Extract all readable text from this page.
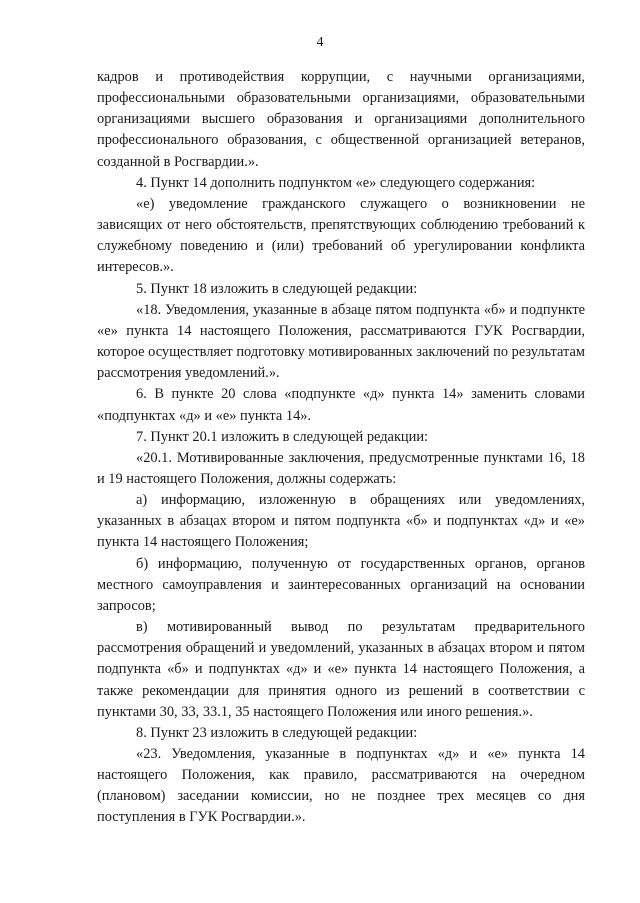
4

кадров и противодействия коррупции, с научными организациями, профессиональными образовательными организациями, образовательными организациями высшего образования и организациями дополнительного профессионального образования, с общественной организацией ветеранов, созданной в Росгвардии.».

4. Пункт 14 дополнить подпунктом «е» следующего содержания:

«е) уведомление гражданского служащего о возникновении не зависящих от него обстоятельств, препятствующих соблюдению требований к служебному поведению и (или) требований об урегулировании конфликта интересов.».

5. Пункт 18 изложить в следующей редакции:

«18. Уведомления, указанные в абзаце пятом подпункта «б» и подпункте «е» пункта 14 настоящего Положения, рассматриваются ГУК Росгвардии, которое осуществляет подготовку мотивированных заключений по результатам рассмотрения уведомлений.».

6. В пункте 20 слова «подпункте «д» пункта 14» заменить словами «подпунктах «д» и «е» пункта 14».

7. Пункт 20.1 изложить в следующей редакции:

«20.1. Мотивированные заключения, предусмотренные пунктами 16, 18 и 19 настоящего Положения, должны содержать:

а) информацию, изложенную в обращениях или уведомлениях, указанных в абзацах втором и пятом подпункта «б» и подпунктах «д» и «е» пункта 14 настоящего Положения;

б) информацию, полученную от государственных органов, органов местного самоуправления и заинтересованных организаций на основании запросов;

в) мотивированный вывод по результатам предварительного рассмотрения обращений и уведомлений, указанных в абзацах втором и пятом подпункта «б» и подпунктах «д» и «е» пункта 14 настоящего Положения, а также рекомендации для принятия одного из решений в соответствии с пунктами 30, 33, 33.1, 35 настоящего Положения или иного решения.».

8. Пункт 23 изложить в следующей редакции:

«23. Уведомления, указанные в подпунктах «д» и «е» пункта 14 настоящего Положения, как правило, рассматриваются на очередном (плановом) заседании комиссии, но не позднее трех месяцев со дня поступления в ГУК Росгвардии.».
